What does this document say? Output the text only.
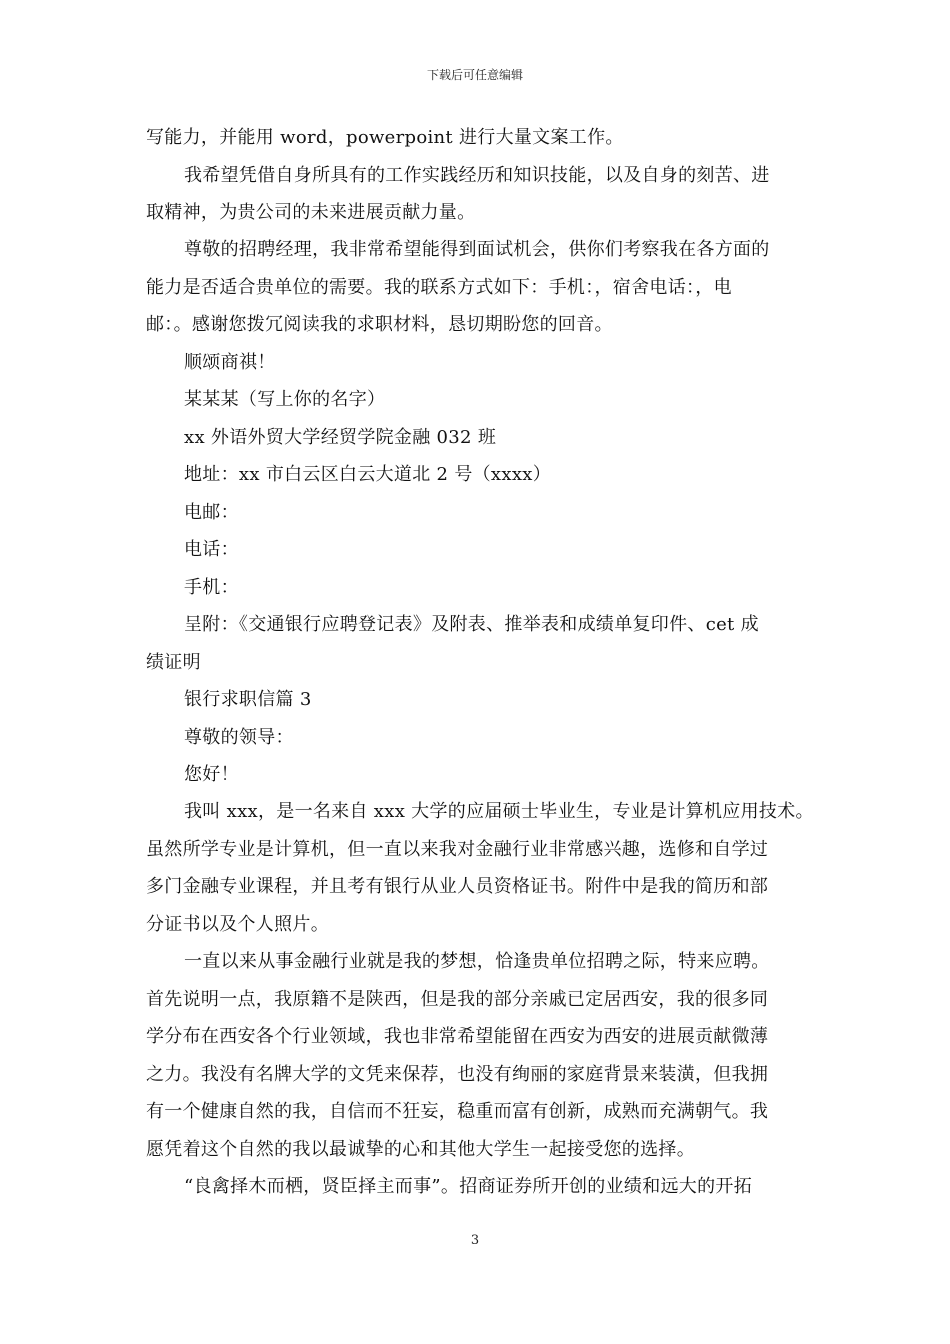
下载后可任意编辑
写能力，并能用 word，powerpoint 进行大量文案工作。
我希望凭借自身所具有的工作实践经历和知识技能，以及自身的刻苦、进
取精神，为贵公司的未来进展贡献力量。
尊敬的招聘经理，我非常希望能得到面试机会，供你们考察我在各方面的
能力是否适合贵单位的需要。我的联系方式如下：手机：，宿舍电话：，电
邮：。感谢您拨冗阅读我的求职材料，恳切期盼您的回音。
顺颂商祺！
某某某（写上你的名字）
xx 外语外贸大学经贸学院金融 032 班
地址：xx 市白云区白云大道北 2 号（xxxx）
电邮：
电话：
手机：
呈附：《交通银行应聘登记表》及附表、推举表和成绩单复印件、cet 成
绩证明
银行求职信篇 3
尊敬的领导：
您好！
我叫 xxx，是一名来自 xxx 大学的应届硕士毕业生，专业是计算机应用技术。
虽然所学专业是计算机，但一直以来我对金融行业非常感兴趣，选修和自学过
多门金融专业课程，并且考有银行从业人员资格证书。附件中是我的简历和部
分证书以及个人照片。
一直以来从事金融行业就是我的梦想，恰逢贵单位招聘之际，特来应聘。
首先说明一点，我原籍不是陕西，但是我的部分亲戚已定居西安，我的很多同
学分布在西安各个行业领域，我也非常希望能留在西安为西安的进展贡献微薄
之力。我没有名牌大学的文凭来保荐，也没有绚丽的家庭背景来装潢，但我拥
有一个健康自然的我，自信而不狂妄，稳重而富有创新，成熟而充满朝气。我
愿凭着这个自然的我以最诚挚的心和其他大学生一起接受您的选择。
“良禽择木而栖，贤臣择主而事”。招商证券所开创的业绩和远大的开拓
3
